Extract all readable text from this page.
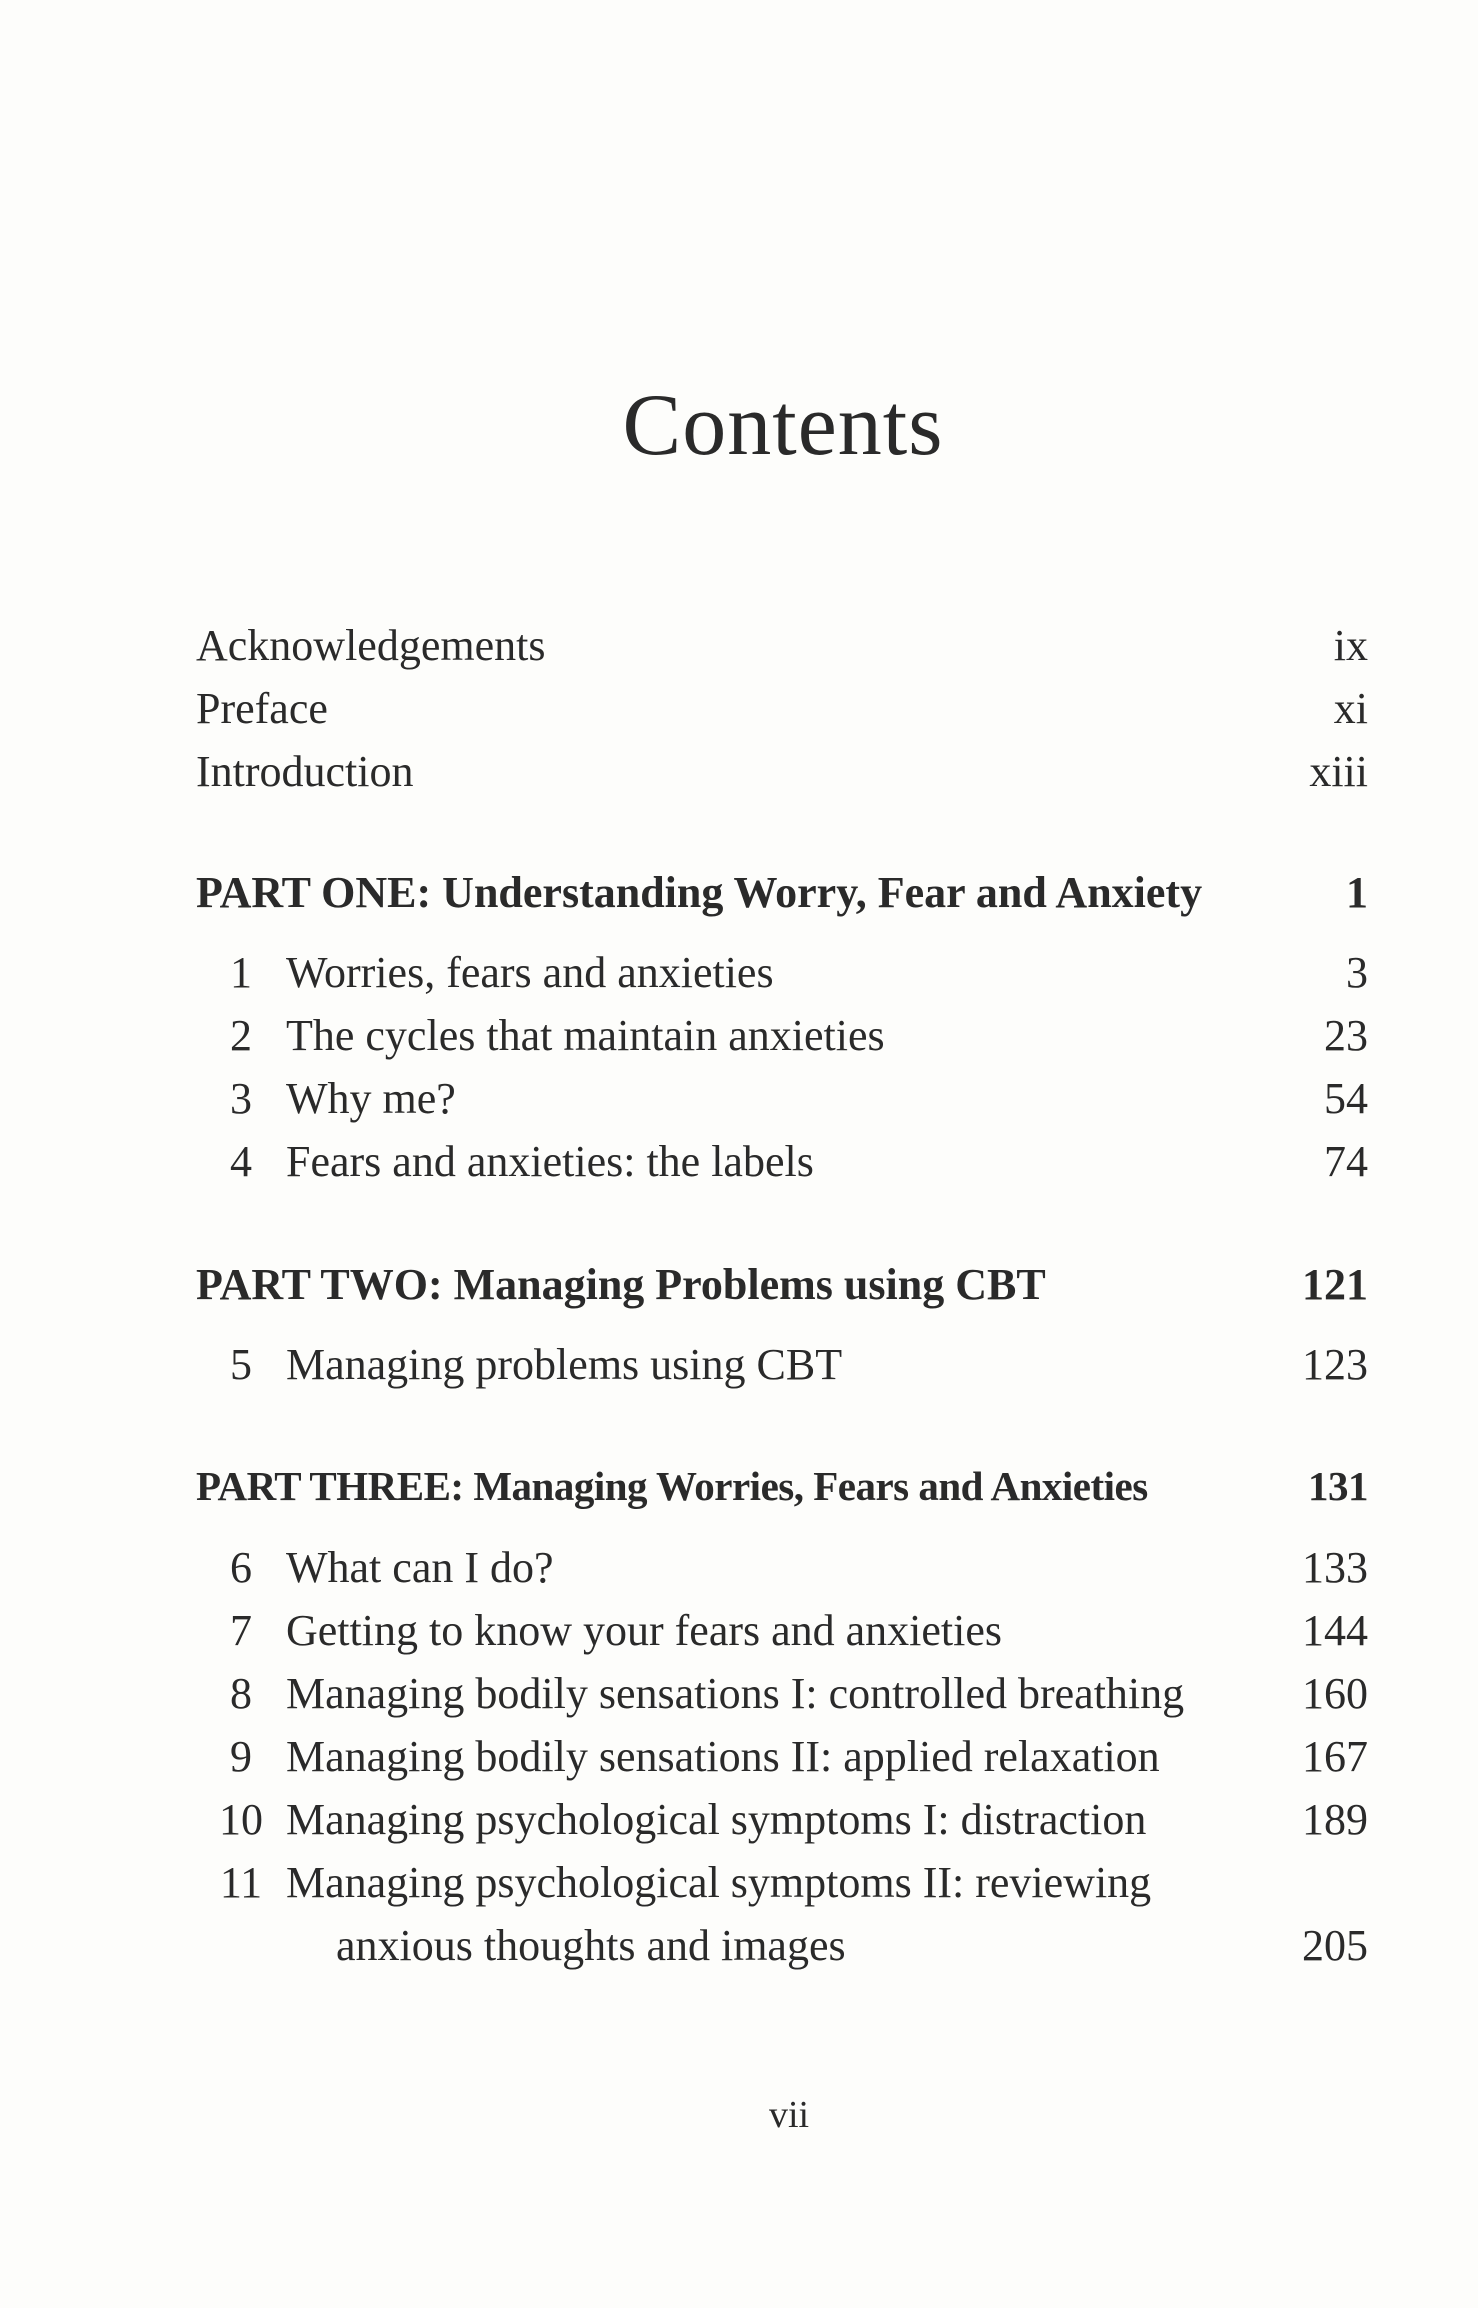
Contents
Acknowledgements	ix
Preface	xi
Introduction	xiii
PART ONE: Understanding Worry, Fear and Anxiety	1
1 Worries, fears and anxieties	3
2 The cycles that maintain anxieties	23
3 Why me?	54
4 Fears and anxieties: the labels	74
PART TWO: Managing Problems using CBT	121
5 Managing problems using CBT	123
PART THREE: Managing Worries, Fears and Anxieties	131
6 What can I do?	133
7 Getting to know your fears and anxieties	144
8 Managing bodily sensations I: controlled breathing	160
9 Managing bodily sensations II: applied relaxation	167
10 Managing psychological symptoms I: distraction	189
11 Managing psychological symptoms II: reviewing
anxious thoughts and images	205

vii
